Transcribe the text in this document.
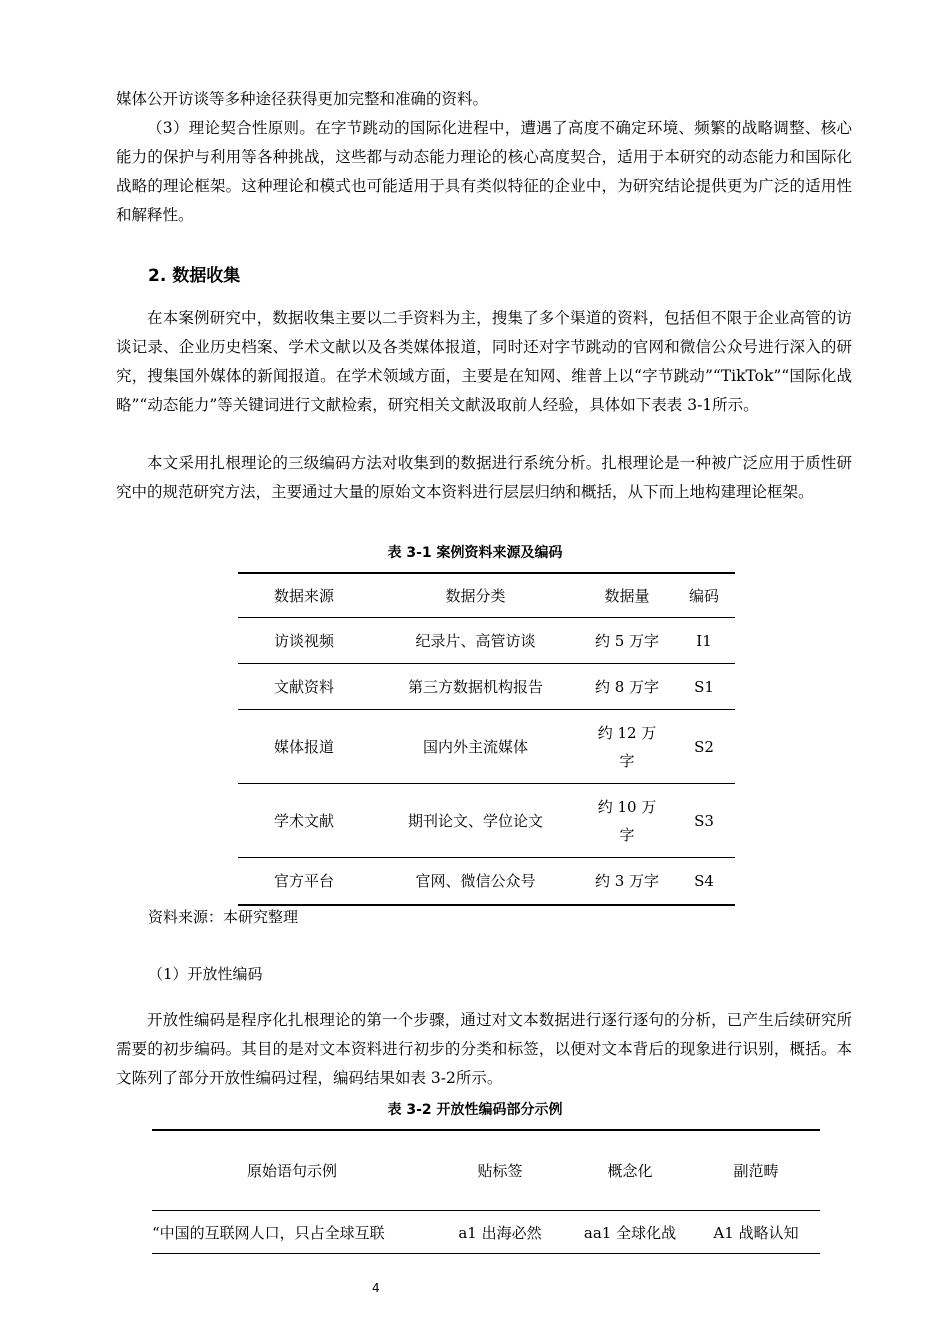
媒体公开访谈等多种途径获得更加完整和准确的资料。

（3）理论契合性原则。在字节跳动的国际化进程中，遭遇了高度不确定环境、频繁的战略调整、核心能力的保护与利用等各种挑战，这些都与动态能力理论的核心高度契合，适用于本研究的动态能力和国际化战略的理论框架。这种理论和模式也可能适用于具有类似特征的企业中，为研究结论提供更为广泛的适用性和解释性。

2. 数据收集

在本案例研究中，数据收集主要以二手资料为主，搜集了多个渠道的资料，包括但不限于企业高管的访谈记录、企业历史档案、学术文献以及各类媒体报道，同时还对字节跳动的官网和微信公众号进行深入的研究，搜集国外媒体的新闻报道。在学术领域方面，主要是在知网、维普上以“字节跳动”“TikTok”“国际化战略”“动态能力”等关键词进行文献检索，研究相关文献汲取前人经验，具体如下表表 3-1所示。

本文采用扎根理论的三级编码方法对收集到的数据进行系统分析。扎根理论是一种被广泛应用于质性研究中的规范研究方法，主要通过大量的原始文本资料进行层层归纳和概括，从下而上地构建理论框架。

表 3-1 案例资料来源及编码

数据来源	数据分类	数据量	编码
访谈视频	纪录片、高管访谈	约 5 万字	I1
文献资料	第三方数据机构报告	约 8 万字	S1
媒体报道	国内外主流媒体	约 12 万字	S2
学术文献	期刊论文、学位论文	约 10 万字	S3
官方平台	官网、微信公众号	约 3 万字	S4

资料来源：本研究整理

（1）开放性编码

开放性编码是程序化扎根理论的第一个步骤，通过对文本数据进行逐行逐句的分析，已产生后续研究所需要的初步编码。其目的是对文本资料进行初步的分类和标签，以便对文本背后的现象进行识别，概括。本文陈列了部分开放性编码过程，编码结果如表 3-2所示。

表 3-2 开放性编码部分示例

原始语句示例	贴标签	概念化	副范畴
“中国的互联网人口，只占全球互联	a1 出海必然	aa1 全球化战	A1 战略认知

4
